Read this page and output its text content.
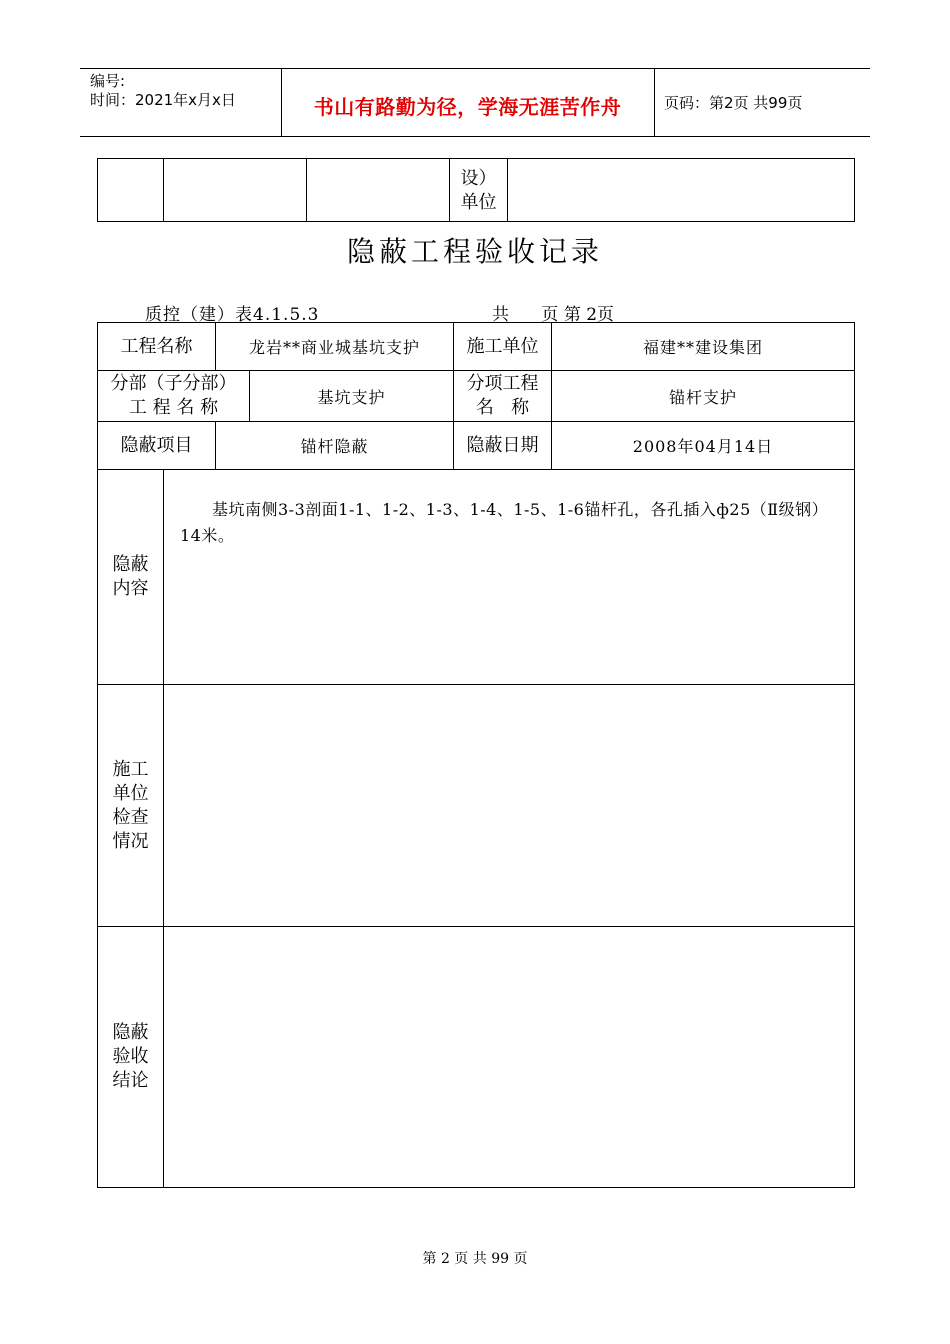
编号:
时间：2021年x月x日	书山有路勤为径，学海无涯苦作舟	页码：第2页 共99页

设）
单位

隐蔽工程验收记录
质控（建）表4.1.5.3	共      页 第 2页
工程名称	龙岩**商业城基坑支护	施工单位	福建**建设集团
分部（子分部）
工 程 名 称	基坑支护	
分项工程
名   称	锚杆支护
隐蔽项目	锚杆隐蔽	隐蔽日期	2008年04月14日
隐蔽
内容	基坑南侧3-3剖面1-1、1-2、1-3、1-4、1-5、1-6锚杆孔，各孔插入ф25（Ⅱ级钢）14米。

施工
单位
检查
情况	

隐蔽
验收
结论	
第 2 页 共 99 页
